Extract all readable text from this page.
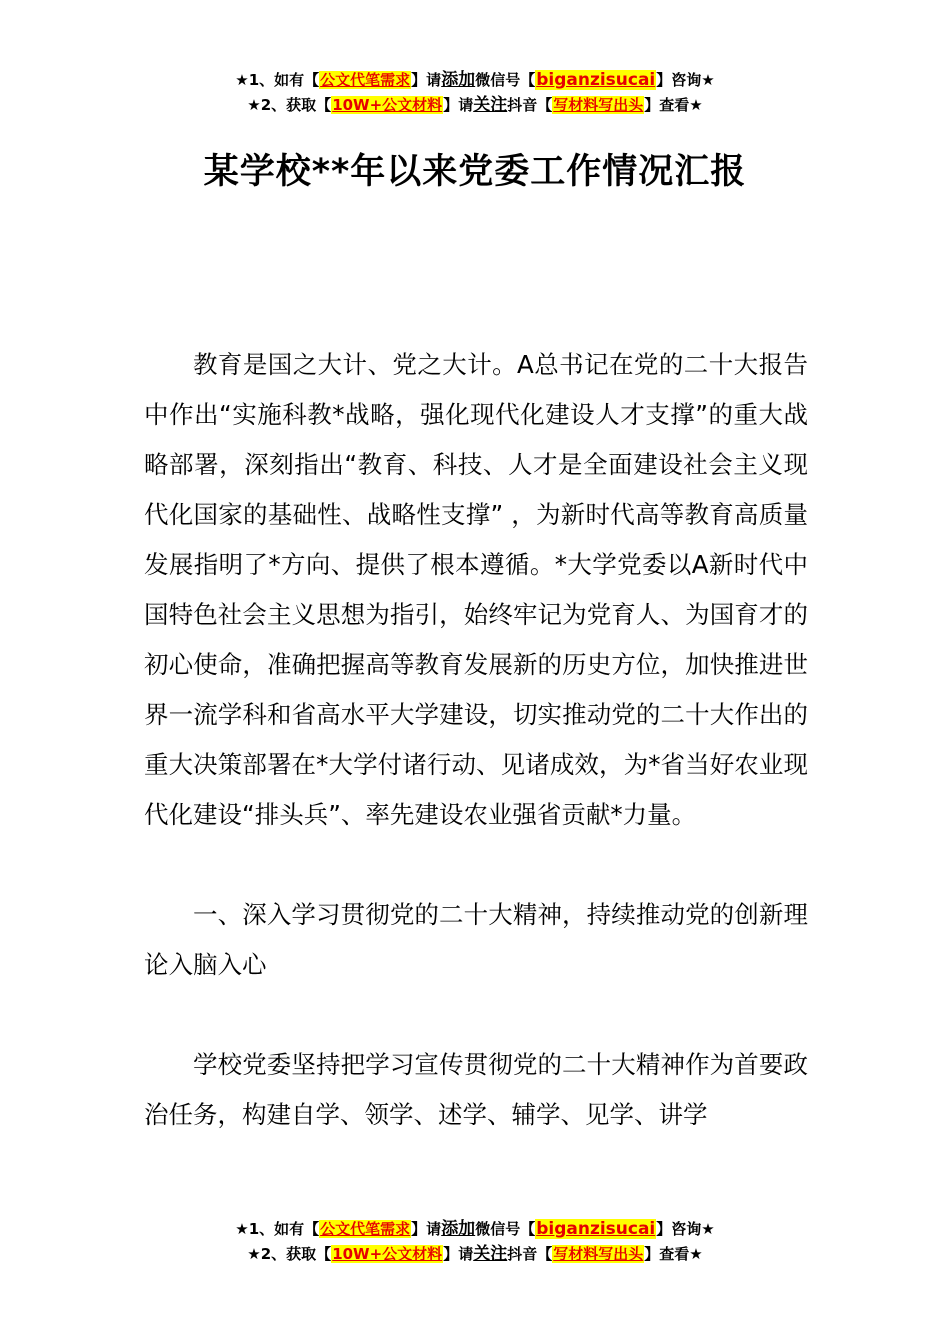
★1、如有【公文代笔需求】请添加微信号【biganzisucai】咨询★
★2、获取【10W+公文材料】请关注抖音【写材料写出头】查看★
某学校**年以来党委工作情况汇报

教育是国之大计、党之大计。A总书记在党的二十大报告中作出“实施科教*战略，强化现代化建设人才支撑”的重大战略部署，深刻指出“教育、科技、人才是全面建设社会主义现代化国家的基础性、战略性支撑” ，为新时代高等教育高质量发展指明了*方向、提供了根本遵循。*大学党委以A新时代中国特色社会主义思想为指引，始终牢记为党育人、为国育才的初心使命，准确把握高等教育发展新的历史方位，加快推进世界一流学科和省高水平大学建设，切实推动党的二十大作出的重大决策部署在*大学付诸行动、见诸成效，为*省当好农业现代化建设“排头兵”、率先建设农业强省贡献*力量。

一、深入学习贯彻党的二十大精神，持续推动党的创新理论入脑入心

学校党委坚持把学习宣传贯彻党的二十大精神作为首要政治任务，构建自学、领学、述学、辅学、见学、讲学

★1、如有【公文代笔需求】请添加微信号【biganzisucai】咨询★
★2、获取【10W+公文材料】请关注抖音【写材料写出头】查看★
